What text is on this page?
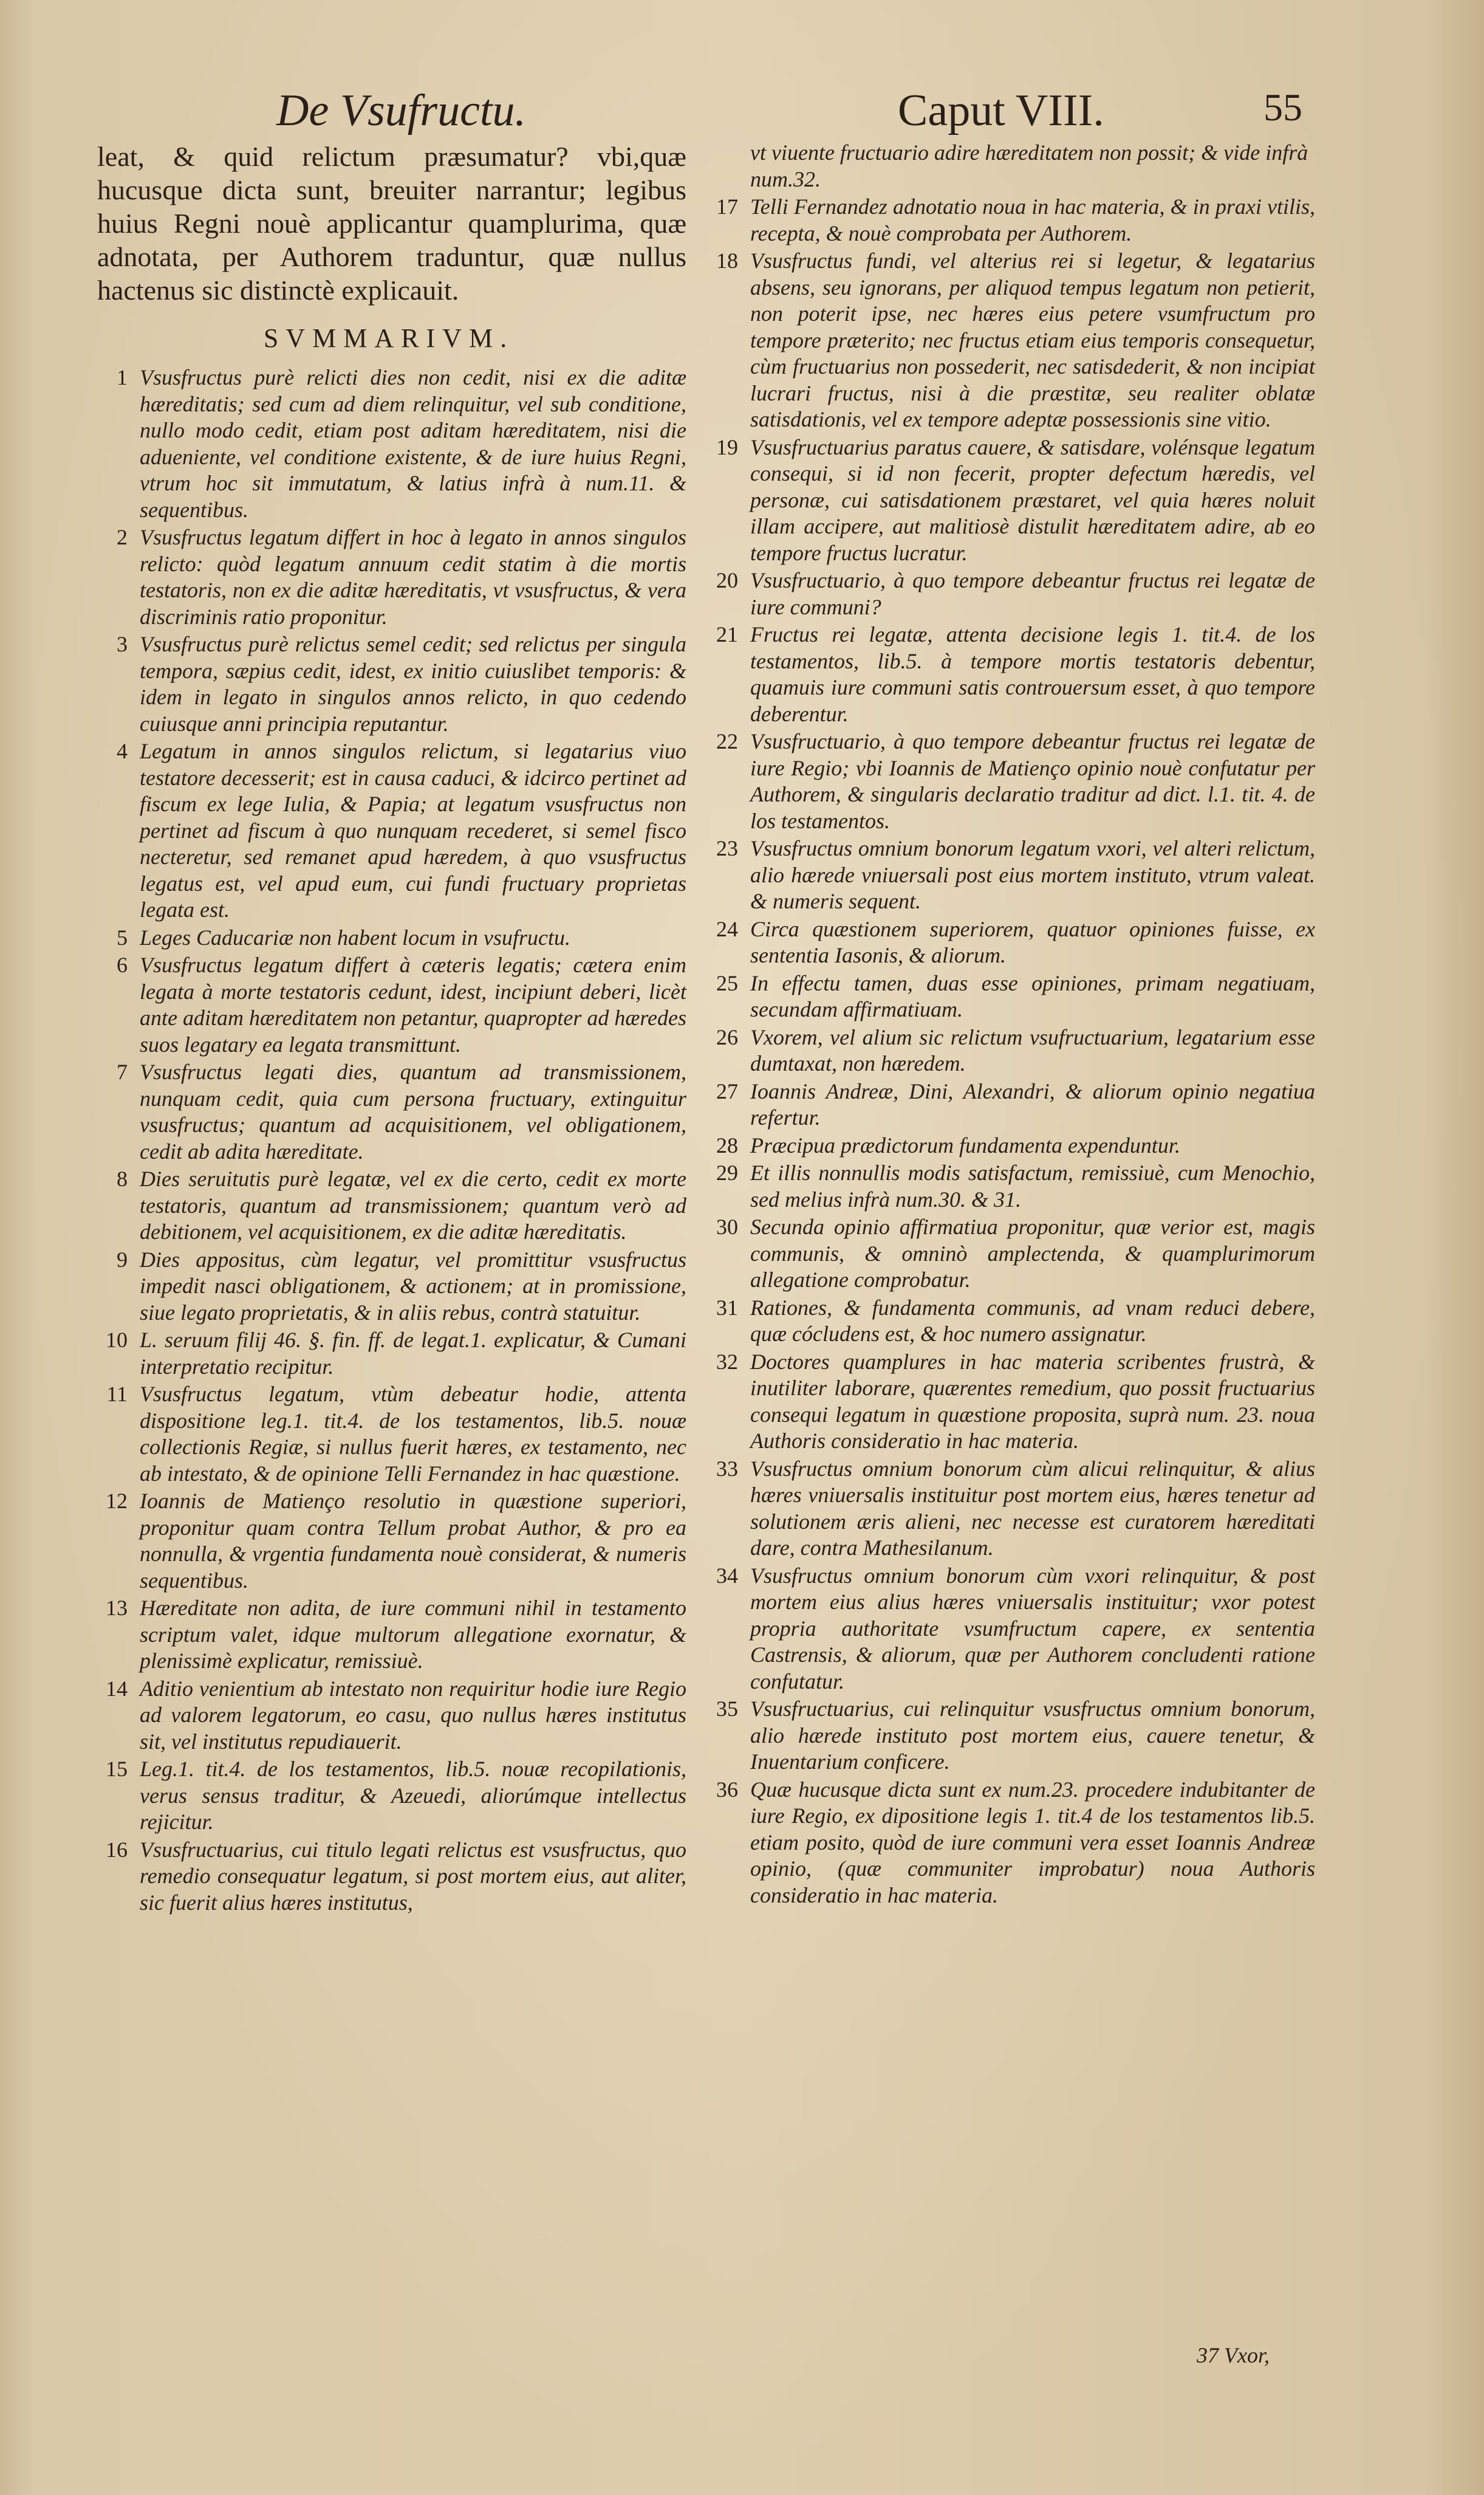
De Vsufructu.	Caput VIII.	55

leat, & quid relictum præsumatur? vbi,quæ hucusque dicta sunt, breuiter narrantur; legibus huius Regni nouè applicantur quamplurima, quæ adnotata, per Authorem traduntur, quæ nullus hactenus sic distinctè explicauit.

SVMMARIVM.

1 Vsusfructus purè relicti dies non cedit, nisi ex die aditæ hæreditatis; sed cum ad diem relinquitur, vel sub conditione, nullo modo cedit, etiam post aditam hæreditatem, nisi die adueniente, vel conditione existente, & de iure huius Regni, vtrum hoc sit immutatum, & latius infrà à num.11. & sequentibus.

2 Vsusfructus legatum differt in hoc à legato in annos singulos relicto: quòd legatum annuum cedit statim à die mortis testatoris, non ex die aditæ hæreditatis, vt vsusfructus, & vera discriminis ratio proponitur.

3 Vsusfructus purè relictus semel cedit; sed relictus per singula tempora, sæpius cedit, idest, ex initio cuiuslibet temporis: & idem in legato in singulos annos relicto, in quo cedendo cuiusque anni principia reputantur.

4 Legatum in annos singulos relictum, si legatarius viuo testatore decesserit; est in causa caduci, & idcirco pertinet ad fiscum ex lege Iulia, & Papia; at legatum vsusfructus non pertinet ad fiscum à quo nunquam recederet, si semel fisco necteretur, sed remanet apud hæredem, à quo vsusfructus legatus est, vel apud eum, cui fundi fructuary proprietas legata est.

5 Leges Caducariæ non habent locum in vsufructu.

6 Vsusfructus legatum differt à cæteris legatis; cætera enim legata à morte testatoris cedunt, idest, incipiunt deberi, licèt ante aditam hæreditatem non petantur, quapropter ad hæredes suos legatary ea legata transmittunt.

7 Vsusfructus legati dies, quantum ad transmissionem, nunquam cedit, quia cum persona fructuary, extinguitur vsusfructus; quantum ad acquisitionem, vel obligationem, cedit ab adita hæreditate.

8 Dies seruitutis purè legatæ, vel ex die certo, cedit ex morte testatoris, quantum ad transmissionem; quantum verò ad debitionem, vel acquisitionem, ex die aditæ hæreditatis.

9 Dies appositus, cùm legatur, vel promittitur vsusfructus impedit nasci obligationem, & actionem; at in promissione, siue legato proprietatis, & in aliis rebus, contrà statuitur.

10 L. seruum filij 46. §. fin. ff. de legat.1. explicatur, & Cumani interpretatio recipitur.

11 Vsusfructus legatum, vtùm debeatur hodie, attenta dispositione leg.1. tit.4. de los testamentos, lib.5. nouæ collectionis Regiæ, si nullus fuerit hæres, ex testamento, nec ab intestato, & de opinione Telli Fernandez in hac quæstione.

12 Ioannis de Matienço resolutio in quæstione superiori, proponitur quam contra Tellum probat Author, & pro ea nonnulla, & vrgentia fundamenta nouè considerat, & numeris sequentibus.

13 Hæreditate non adita, de iure communi nihil in testamento scriptum valet, idque multorum allegatione exornatur, & plenissimè explicatur, remissiuè.

14 Aditio venientium ab intestato non requiritur hodie iure Regio ad valorem legatorum, eo casu, quo nullus hæres institutus sit, vel institutus repudiauerit.

15 Leg.1. tit.4. de los testamentos, lib.5. nouæ recopilationis, verus sensus traditur, & Azeuedi, aliorúmque intellectus rejicitur.

16 Vsusfructuarius, cui titulo legati relictus est vsusfructus, quo remedio consequatur legatum, si post mortem eius, aut aliter, sic fuerit alius hæres institutus,

vt viuente fructuario adire hæreditatem non possit; & vide infrà num.32.

17 Telli Fernandez adnotatio noua in hac materia, & in praxi vtilis, recepta, & nouè comprobata per Authorem.

18 Vsusfructus fundi, vel alterius rei si legetur, & legatarius absens, seu ignorans, per aliquod tempus legatum non petierit, non poterit ipse, nec hæres eius petere vsumfructum pro tempore præterito; nec fructus etiam eius temporis consequetur, cùm fructuarius non possederit, nec satisdederit, & non incipiat lucrari fructus, nisi à die præstitæ, seu realiter oblatæ satisdationis, vel ex tempore adeptæ possessionis sine vitio.

19 Vsusfructuarius paratus cauere, & satisdare, volénsque legatum consequi, si id non fecerit, propter defectum hæredis, vel personæ, cui satisdationem præstaret, vel quia hæres noluit illam accipere, aut malitiosè distulit hæreditatem adire, ab eo tempore fructus lucratur.

20 Vsusfructuario, à quo tempore debeantur fructus rei legatæ de iure communi?

21 Fructus rei legatæ, attenta decisione legis 1. tit.4. de los testamentos, lib.5. à tempore mortis testatoris debentur, quamuis iure communi satis controuersum esset, à quo tempore deberentur.

22 Vsusfructuario, à quo tempore debeantur fructus rei legatæ de iure Regio; vbi Ioannis de Matienço opinio nouè confutatur per Authorem, & singularis declaratio traditur ad dict. l.1. tit. 4. de los testamentos.

23 Vsusfructus omnium bonorum legatum vxori, vel alteri relictum, alio hærede vniuersali post eius mortem instituto, vtrum valeat. & numeris sequent.

24 Circa quæstionem superiorem, quatuor opiniones fuisse, ex sententia Iasonis, & aliorum.

25 In effectu tamen, duas esse opiniones, primam negatiuam, secundam affirmatiuam.

26 Vxorem, vel alium sic relictum vsufructuarium, legatarium esse dumtaxat, non hæredem.

27 Ioannis Andreæ, Dini, Alexandri, & aliorum opinio negatiua refertur.

28 Præcipua prædictorum fundamenta expenduntur.

29 Et illis nonnullis modis satisfactum, remissiuè, cum Menochio, sed melius infrà num.30. & 31.

30 Secunda opinio affirmatiua proponitur, quæ verior est, magis communis, & omninò amplectenda, & quamplurimorum allegatione comprobatur.

31 Rationes, & fundamenta communis, ad vnam reduci debere, quæ cócludens est, & hoc numero assignatur.

32 Doctores quamplures in hac materia scribentes frustrà, & inutiliter laborare, quærentes remedium, quo possit fructuarius consequi legatum in quæstione proposita, suprà num. 23. noua Authoris consideratio in hac materia.

33 Vsusfructus omnium bonorum cùm alicui relinquitur, & alius hæres vniuersalis instituitur post mortem eius, hæres tenetur ad solutionem æris alieni, nec necesse est curatorem hæreditati dare, contra Mathesilanum.

34 Vsusfructus omnium bonorum cùm vxori relinquitur, & post mortem eius alius hæres vniuersalis instituitur; vxor potest propria authoritate vsumfructum capere, ex sententia Castrensis, & aliorum, quæ per Authorem concludenti ratione confutatur.

35 Vsusfructuarius, cui relinquitur vsusfructus omnium bonorum, alio hærede instituto post mortem eius, cauere tenetur, & Inuentarium conficere.

36 Quæ hucusque dicta sunt ex num.23. procedere indubitanter de iure Regio, ex dipositione legis 1. tit.4 de los testamentos lib.5. etiam posito, quòd de iure communi vera esset Ioannis Andreæ opinio, (quæ communiter improbatur) noua Authoris consideratio in hac materia.

37 Vxor,
